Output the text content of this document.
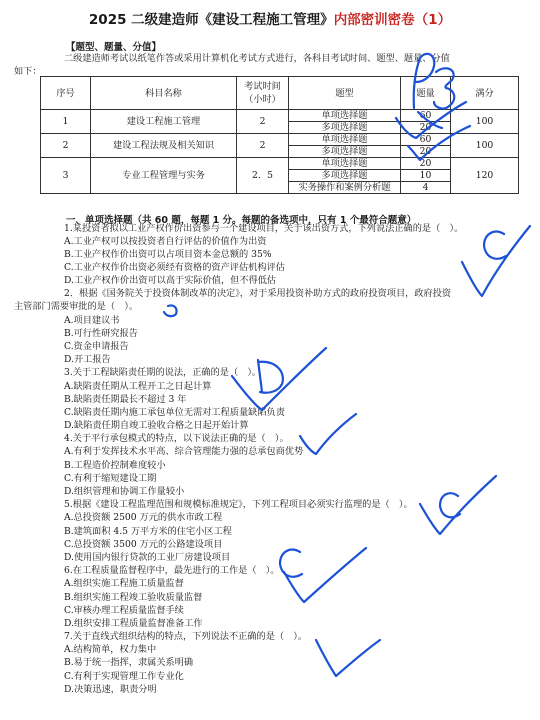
2025 二级建造师《建设工程施工管理》内部密训密卷（1）
【题型、题量、分值】
二级建造师考试以纸笔作答或采用计算机化考试方式进行，各科目考试时间、题型、题量、分值
如下：
序号	科目名称	考试时间（小时）	题型	题量	满分
1	建设工程施工管理	2	单项选择题	60	100
			多项选择题	20	
2	建设工程法规及相关知识	2	单项选择题	60	100
			多项选择题	20	
3	专业工程管理与实务	2．5	单项选择题	20	120
			多项选择题	10	
			实务操作和案例分析题	4	
一、单项选择题（共 60 题，每题 1 分。每题的备选项中，只有 1 个最符合题意）
1.某投资者拟以工业产权作价出资参与一个建设项目，关于该出资方式，下列说法正确的是（　）。
A.工业产权可以按投资者自行评估的价值作为出资
B.工业产权作价出资可以占项目资本金总额的 35%
C.工业产权作价出资必须经有资格的资产评估机构评估
D.工业产权作价出资可以高于实际价值，但不得低估
2．根据《国务院关于投资体制改革的决定》，对于采用投资补助方式的政府投资项目，政府投资
主管部门需要审批的是（　）。
A.项目建议书
B.可行性研究报告
C.资金申请报告
D.开工报告
3.关于工程缺陷责任期的说法，正确的是（　）。
A.缺陷责任期从工程开工之日起计算
B.缺陷责任期最长不超过 3 年
C.缺陷责任期内施工承包单位无需对工程质量缺陷负责
D.缺陷责任期自竣工验收合格之日起开始计算
4.关于平行承包模式的特点，以下说法正确的是（　）。
A.有利于发挥技术水平高、综合管理能力强的总承包商优势
B.工程造价控制难度较小
C.有利于缩短建设工期
D.组织管理和协调工作量较小
5.根据《建设工程监理范围和规模标准规定》，下列工程项目必须实行监理的是（　）。
A.总投资额 2500 万元的供水市政工程
B.建筑面积 4.5 万平方米的住宅小区工程
C.总投资额 3500 万元的公路建设项目
D.使用国内银行贷款的工业厂房建设项目
6.在工程质量监督程序中，最先进行的工作是（　）。
A.组织实施工程施工质量监督
B.组织实施工程竣工验收质量监督
C.审核办理工程质量监督手续
D.组织安排工程质量监督准备工作
7.关于直线式组织结构的特点，下列说法不正确的是（　）。
A.结构简单，权力集中
B.易于统一指挥，隶属关系明确
C.有利于实现管理工作专业化
D.决策迅速，职责分明
